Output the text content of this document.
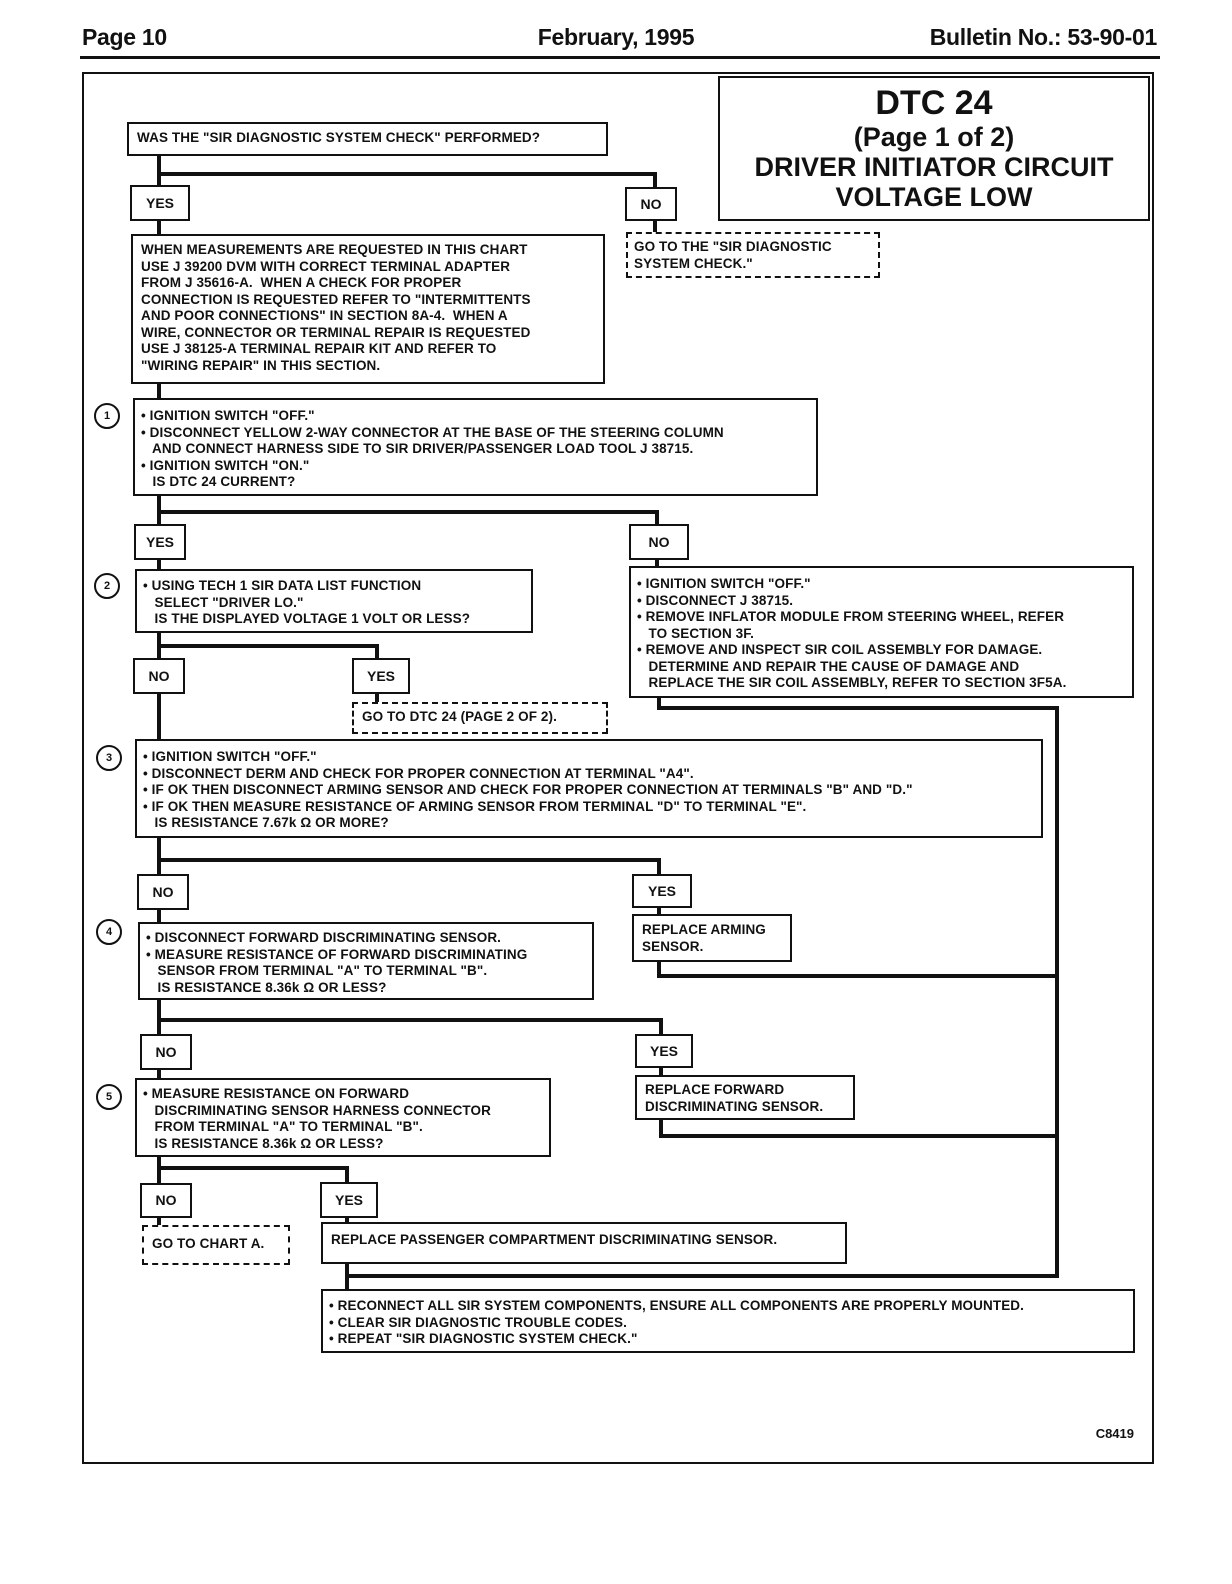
Page 10	February, 1995	Bulletin No.: 53-90-01
DTC 24
(Page 1 of 2)
DRIVER INITIATOR CIRCUIT
VOLTAGE LOW
WAS THE "SIR DIAGNOSTIC SYSTEM CHECK" PERFORMED?
YES	NO
GO TO THE "SIR DIAGNOSTIC
SYSTEM CHECK."
WHEN MEASUREMENTS ARE REQUESTED IN THIS CHART
USE J 39200 DVM WITH CORRECT TERMINAL ADAPTER
FROM J 35616-A.  WHEN A CHECK FOR PROPER
CONNECTION IS REQUESTED REFER TO "INTERMITTENTS
AND POOR CONNECTIONS" IN SECTION 8A-4.  WHEN A
WIRE, CONNECTOR OR TERMINAL REPAIR IS REQUESTED
USE J 38125-A TERMINAL REPAIR KIT AND REFER TO
"WIRING REPAIR" IN THIS SECTION.
1	• IGNITION SWITCH "OFF."
• DISCONNECT YELLOW 2-WAY CONNECTOR AT THE BASE OF THE STEERING COLUMN
AND CONNECT HARNESS SIDE TO SIR DRIVER/PASSENGER LOAD TOOL J 38715.
• IGNITION SWITCH "ON."
IS DTC 24 CURRENT?
YES	NO
• IGNITION SWITCH "OFF."
• DISCONNECT J 38715.
• REMOVE INFLATOR MODULE FROM STEERING WHEEL, REFER
TO SECTION 3F.
• REMOVE AND INSPECT SIR COIL ASSEMBLY FOR DAMAGE.
DETERMINE AND REPAIR THE CAUSE OF DAMAGE AND
REPLACE THE SIR COIL ASSEMBLY, REFER TO SECTION 3F5A.
2	• USING TECH 1 SIR DATA LIST FUNCTION
SELECT "DRIVER LO."
IS THE DISPLAYED VOLTAGE 1 VOLT OR LESS?
NO	YES
GO TO DTC 24 (PAGE 2 OF 2).
3	• IGNITION SWITCH "OFF."
• DISCONNECT DERM AND CHECK FOR PROPER CONNECTION AT TERMINAL "A4".
• IF OK THEN DISCONNECT ARMING SENSOR AND CHECK FOR PROPER CONNECTION AT TERMINALS "B" AND "D."
• IF OK THEN MEASURE RESISTANCE OF ARMING SENSOR FROM TERMINAL "D" TO TERMINAL "E".
IS RESISTANCE 7.67k Ω OR MORE?
NO	YES
REPLACE ARMING
SENSOR.
4	• DISCONNECT FORWARD DISCRIMINATING SENSOR.
• MEASURE RESISTANCE OF FORWARD DISCRIMINATING
SENSOR FROM TERMINAL "A" TO TERMINAL "B".
IS RESISTANCE 8.36k Ω OR LESS?
NO	YES
REPLACE FORWARD
DISCRIMINATING SENSOR.
5	• MEASURE RESISTANCE ON FORWARD
DISCRIMINATING SENSOR HARNESS CONNECTOR
FROM TERMINAL "A" TO TERMINAL "B".
IS RESISTANCE 8.36k Ω OR LESS?
NO	YES
GO TO CHART A.	REPLACE PASSENGER COMPARTMENT DISCRIMINATING SENSOR.
• RECONNECT ALL SIR SYSTEM COMPONENTS, ENSURE ALL COMPONENTS ARE PROPERLY MOUNTED.
• CLEAR SIR DIAGNOSTIC TROUBLE CODES.
• REPEAT "SIR DIAGNOSTIC SYSTEM CHECK."
C8419
